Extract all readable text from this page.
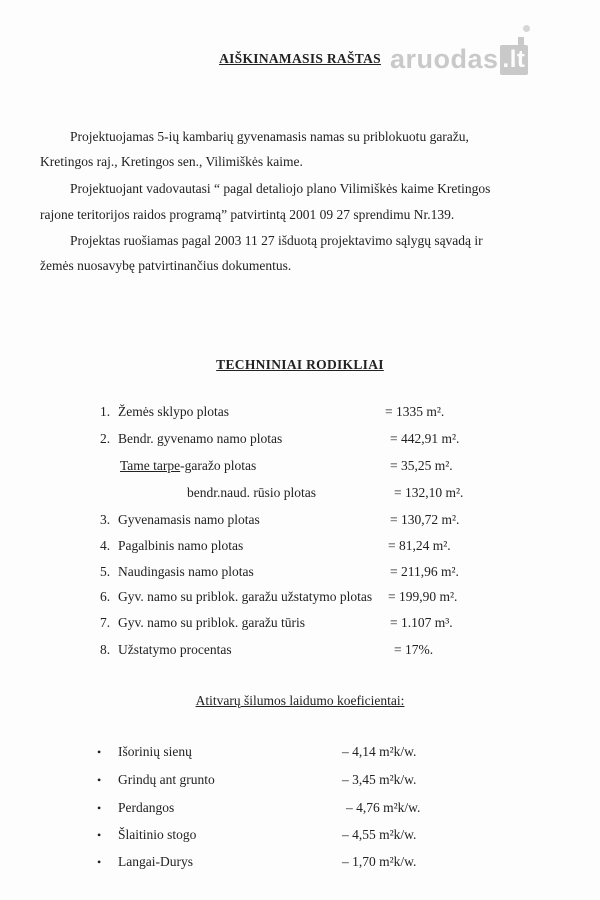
aruodas .lt
AIŠKINAMASIS RAŠTAS
Projektuojamas 5-ių kambarių gyvenamasis namas su priblokuotu garažu,
Kretingos raj., Kretingos sen., Vilimiškės kaime.
Projektuojant vadovautasi “ pagal detaliojo plano Vilimiškės kaime Kretingos
rajone teritorijos raidos programą” patvirtintą 2001 09 27 sprendimu Nr.139.
Projektas ruošiamas pagal 2003 11 27 išduotą projektavimo sąlygų sąvadą ir
žemės nuosavybę patvirtinančius dokumentus.
TECHNINIAI RODIKLIAI
1. Žemės sklypo plotas	= 1335 m².
2. Bendr. gyvenamo namo plotas	= 442,91 m².
Tame tarpe-garažo plotas	= 35,25 m².
bendr.naud. rūsio plotas	= 132,10 m².
3. Gyvenamasis namo plotas	= 130,72 m².
4. Pagalbinis namo plotas	= 81,24 m².
5. Naudingasis namo plotas	= 211,96 m².
6. Gyv. namo su priblok. garažu užstatymo plotas = 199,90 m².
7. Gyv. namo su priblok. garažu tūris	= 1.107 m³.
8. Užstatymo procentas	= 17%.
Atitvarų šilumos laidumo koeficientai:
• Išorinių sienų	– 4,14 m²k/w.
• Grindų ant grunto	– 3,45 m²k/w.
• Perdangos	– 4,76 m²k/w.
• Šlaitinio stogo	– 4,55 m²k/w.
• Langai-Durys	– 1,70 m²k/w.
